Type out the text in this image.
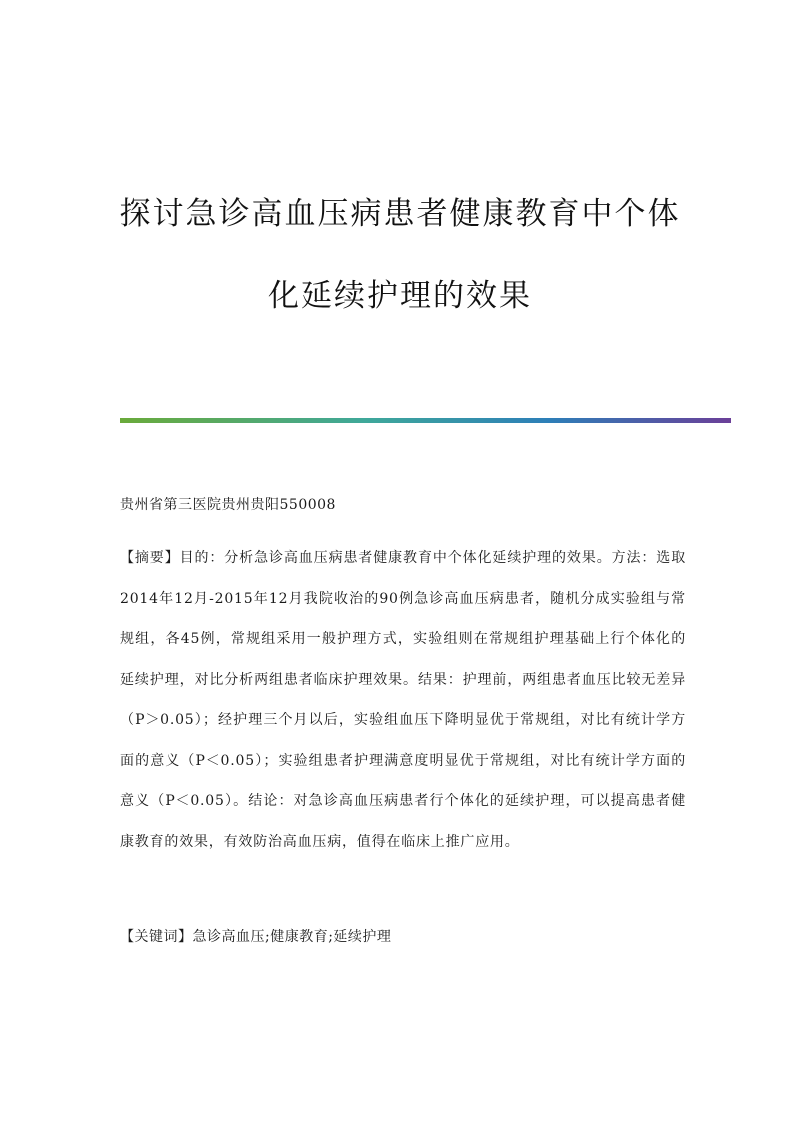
探讨急诊高血压病患者健康教育中个体
化延续护理的效果
贵州省第三医院贵州贵阳550008
【摘要】目的：分析急诊高血压病患者健康教育中个体化延续护理的效果。方法：选取2014年12月-2015年12月我院收治的90例急诊高血压病患者，随机分成实验组与常规组，各45例，常规组采用一般护理方式，实验组则在常规组护理基础上行个体化的延续护理，对比分析两组患者临床护理效果。结果：护理前，两组患者血压比较无差异（P＞0.05）；经护理三个月以后，实验组血压下降明显优于常规组，对比有统计学方面的意义（P＜0.05）；实验组患者护理满意度明显优于常规组，对比有统计学方面的意义（P＜0.05）。结论：对急诊高血压病患者行个体化的延续护理，可以提高患者健康教育的效果，有效防治高血压病，值得在临床上推广应用。
【关键词】急诊高血压;健康教育;延续护理
